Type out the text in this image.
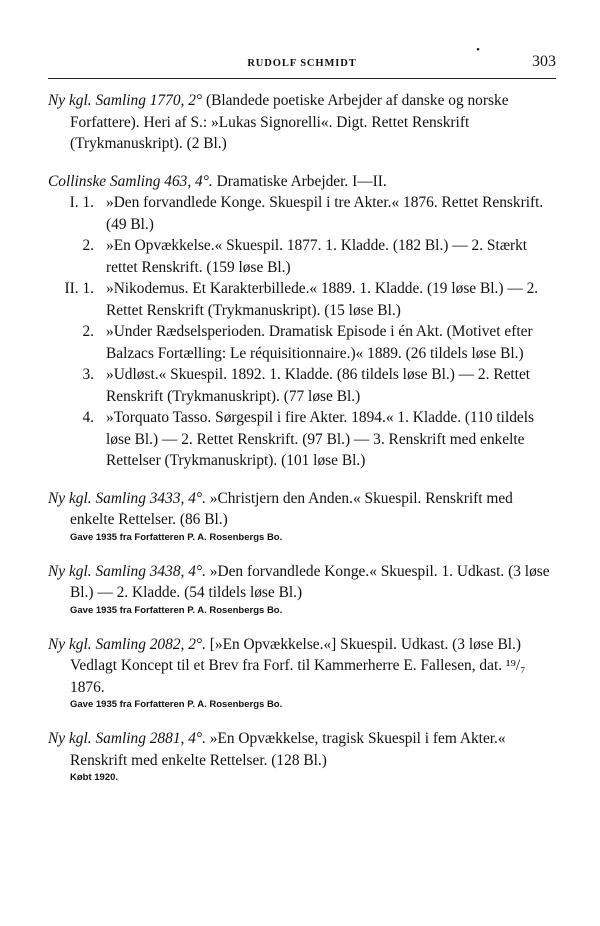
•
RUDOLF SCHMIDT	303
Ny kgl. Samling 1770, 2° (Blandede poetiske Arbejder af danske og norske Forfattere). Heri af S.: »Lukas Signorelli«. Digt. Rettet Renskrift (Trykmanuskript). (2 Bl.)
Collinske Samling 463, 4°. Dramatiske Arbejder. I—II.
I. 1. »Den forvandlede Konge. Skuespil i tre Akter.« 1876. Rettet Renskrift. (49 Bl.)
2. »En Opvækkelse.« Skuespil. 1877. 1. Kladde. (182 Bl.) — 2. Stærkt rettet Renskrift. (159 løse Bl.)
II. 1. »Nikodemus. Et Karakterbillede.« 1889. 1. Kladde. (19 løse Bl.) — 2. Rettet Renskrift (Trykmanuskript). (15 løse Bl.)
2. »Under Rædselsperioden. Dramatisk Episode i én Akt. (Motivet efter Balzacs Fortælling: Le réquisitionnaire.)« 1889. (26 tildels løse Bl.)
3. »Udløst.« Skuespil. 1892. 1. Kladde. (86 tildels løse Bl.) — 2. Rettet Renskrift (Trykmanuskript). (77 løse Bl.)
4. »Torquato Tasso. Sørgespil i fire Akter. 1894.« 1. Kladde. (110 tildels løse Bl.) — 2. Rettet Renskrift. (97 Bl.) — 3. Renskrift med enkelte Rettelser (Trykmanuskript). (101 løse Bl.)
Ny kgl. Samling 3433, 4°. »Christjern den Anden.« Skuespil. Renskrift med enkelte Rettelser. (86 Bl.)
Gave 1935 fra Forfatteren P. A. Rosenbergs Bo.
Ny kgl. Samling 3438, 4°. »Den forvandlede Konge.« Skuespil. 1. Udkast. (3 løse Bl.) — 2. Kladde. (54 tildels løse Bl.)
Gave 1935 fra Forfatteren P. A. Rosenbergs Bo.
Ny kgl. Samling 2082, 2°. [»En Opvækkelse.«] Skuespil. Udkast. (3 løse Bl.)
Vedlagt Koncept til et Brev fra Forf. til Kammerherre E. Fallesen, dat. ¹⁹/₇ 1876.
Gave 1935 fra Forfatteren P. A. Rosenbergs Bo.
Ny kgl. Samling 2881, 4°. »En Opvækkelse, tragisk Skuespil i fem Akter.« Renskrift med enkelte Rettelser. (128 Bl.)
Købt 1920.
